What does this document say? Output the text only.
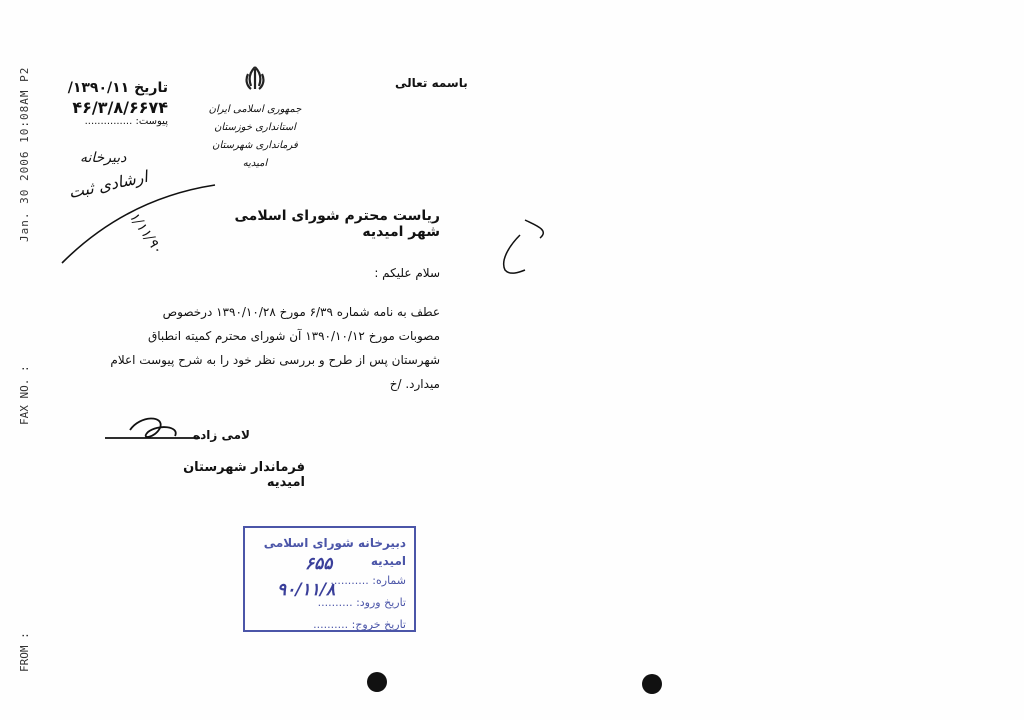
Jan. 30 2006 10:08AM P2
FAX NO. :
FROM :
تاریخ ۱۳۹۰/۱۱/
۴۶/۳/۸/۶۶۷۴
پیوست: ...............
جمهوری اسلامی ایران
استانداری خوزستان
فرمانداری شهرستان امیدیه
باسمه تعالی
دبیرخانه
ارشادی ثبت
۱/۱۱/۹۰	ریاست محترم شورای اسلامی شهر امیدیه
سلام علیکم :

عطف به نامه شماره ۶/۳۹ مورخ ۱۳۹۰/۱۰/۲۸ درخصوص

مصوبات مورخ ۱۳۹۰/۱۰/۱۲ آن شورای محترم کمیته انطباق

شهرستان پس از طرح و بررسی نظر خود را به شرح پیوست اعلام

میدارد. /خ

لامی زاده
فرماندار شهرستان امیدیه
دبیرخانه شورای اسلامی امیدیه
شماره: ...........
تاریخ ورود: ..........
تاریخ خروج: ..........
۶۵۵
۹۰/۱۱/۸
